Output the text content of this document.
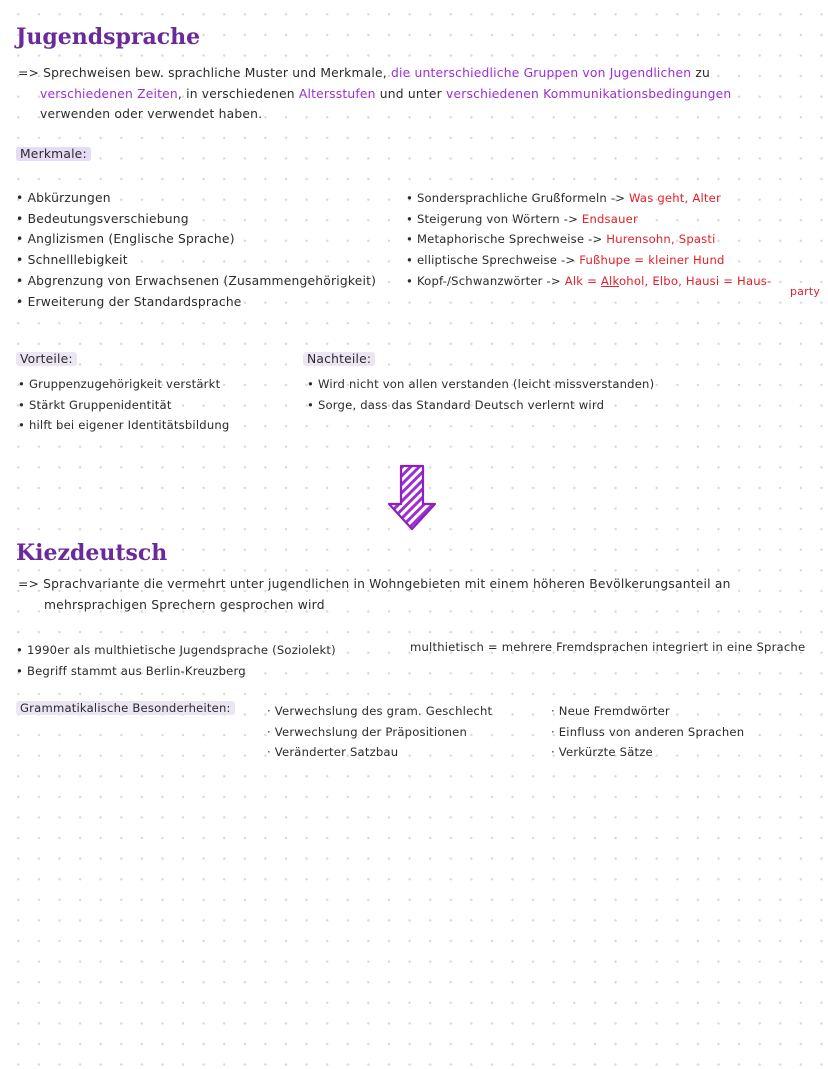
Jugendsprache
=> Sprechweisen bew. sprachliche Muster und Merkmale, die unterschiedliche Gruppen von Jugendlichen zu
verschiedenen Zeiten, in verschiedenen Altersstufen und unter verschiedenen Kommunikationsbedingungen
verwenden oder verwendet haben.
Merkmale:
• Abkürzungen
• Bedeutungsverschiebung
• Anglizismen (Englische Sprache)
• Schnelllebigkeit
• Abgrenzung von Erwachsenen (Zusammengehörigkeit)
• Erweiterung der Standardsprache
• Sondersprachliche Grußformeln -> Was geht, Alter
• Steigerung von Wörtern -> Endsauer
• Metaphorische Sprechweise -> Hurensohn, Spasti
• elliptische Sprechweise -> Fußhupe = kleiner Hund
• Kopf-/Schwanzwörter -> Alk = Alkohol, Elbo, Hausi = Haus-
party
Vorteile:
• Gruppenzugehörigkeit verstärkt
• Stärkt Gruppenidentität
• hilft bei eigener Identitätsbildung
Nachteile:
• Wird nicht von allen verstanden (leicht missverstanden)
• Sorge, dass das Standard Deutsch verlernt wird
Kiezdeutsch
=> Sprachvariante die vermehrt unter jugendlichen in Wohngebieten mit einem höheren Bevölkerungsanteil an
mehrsprachigen Sprechern gesprochen wird
• 1990er als multhietische Jugendsprache (Soziolekt)
• Begriff stammt aus Berlin-Kreuzberg
multhietisch = mehrere Fremdsprachen integriert in eine Sprache
Grammatikalische Besonderheiten:	· Verwechslung des gram. Geschlecht
· Verwechslung der Präpositionen
· Veränderter Satzbau
· Neue Fremdwörter
· Einfluss von anderen Sprachen
· Verkürzte Sätze
